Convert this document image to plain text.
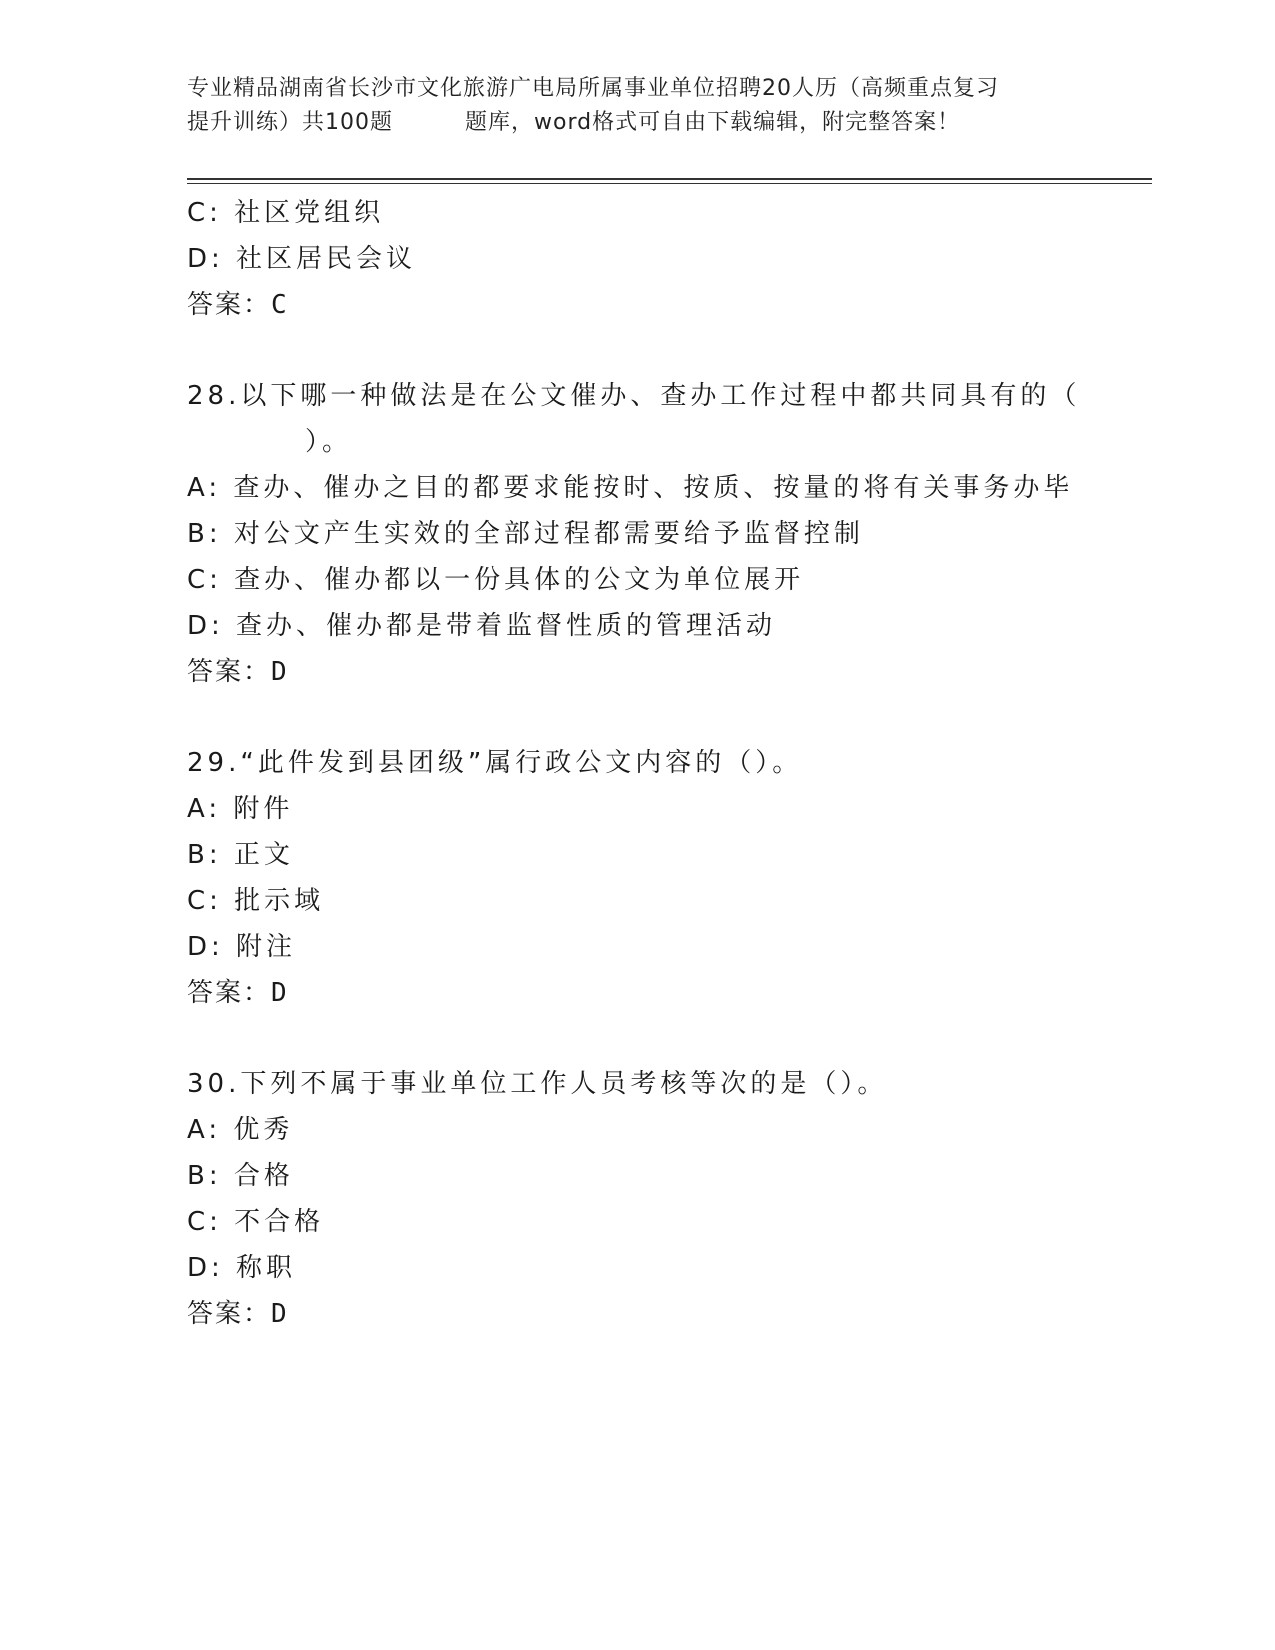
专业精品湖南省长沙市文化旅游广电局所属事业单位招聘20人历（高频重点复习
提升训练）共100题	题库，word格式可自由下载编辑，附完整答案！
C: 社区党组织
D: 社区居民会议
答案：C
28.以下哪一种做法是在公文催办、查办工作过程中都共同具有的（
）。
A: 查办、催办之目的都要求能按时、按质、按量的将有关事务办毕
B: 对公文产生实效的全部过程都需要给予监督控制
C: 查办、催办都以一份具体的公文为单位展开
D: 查办、催办都是带着监督性质的管理活动
答案：D
29.“此件发到县团级”属行政公文内容的（）。
A: 附件
B: 正文
C: 批示域
D: 附注
答案：D
30.下列不属于事业单位工作人员考核等次的是（）。
A: 优秀
B: 合格
C: 不合格
D: 称职
答案：D
